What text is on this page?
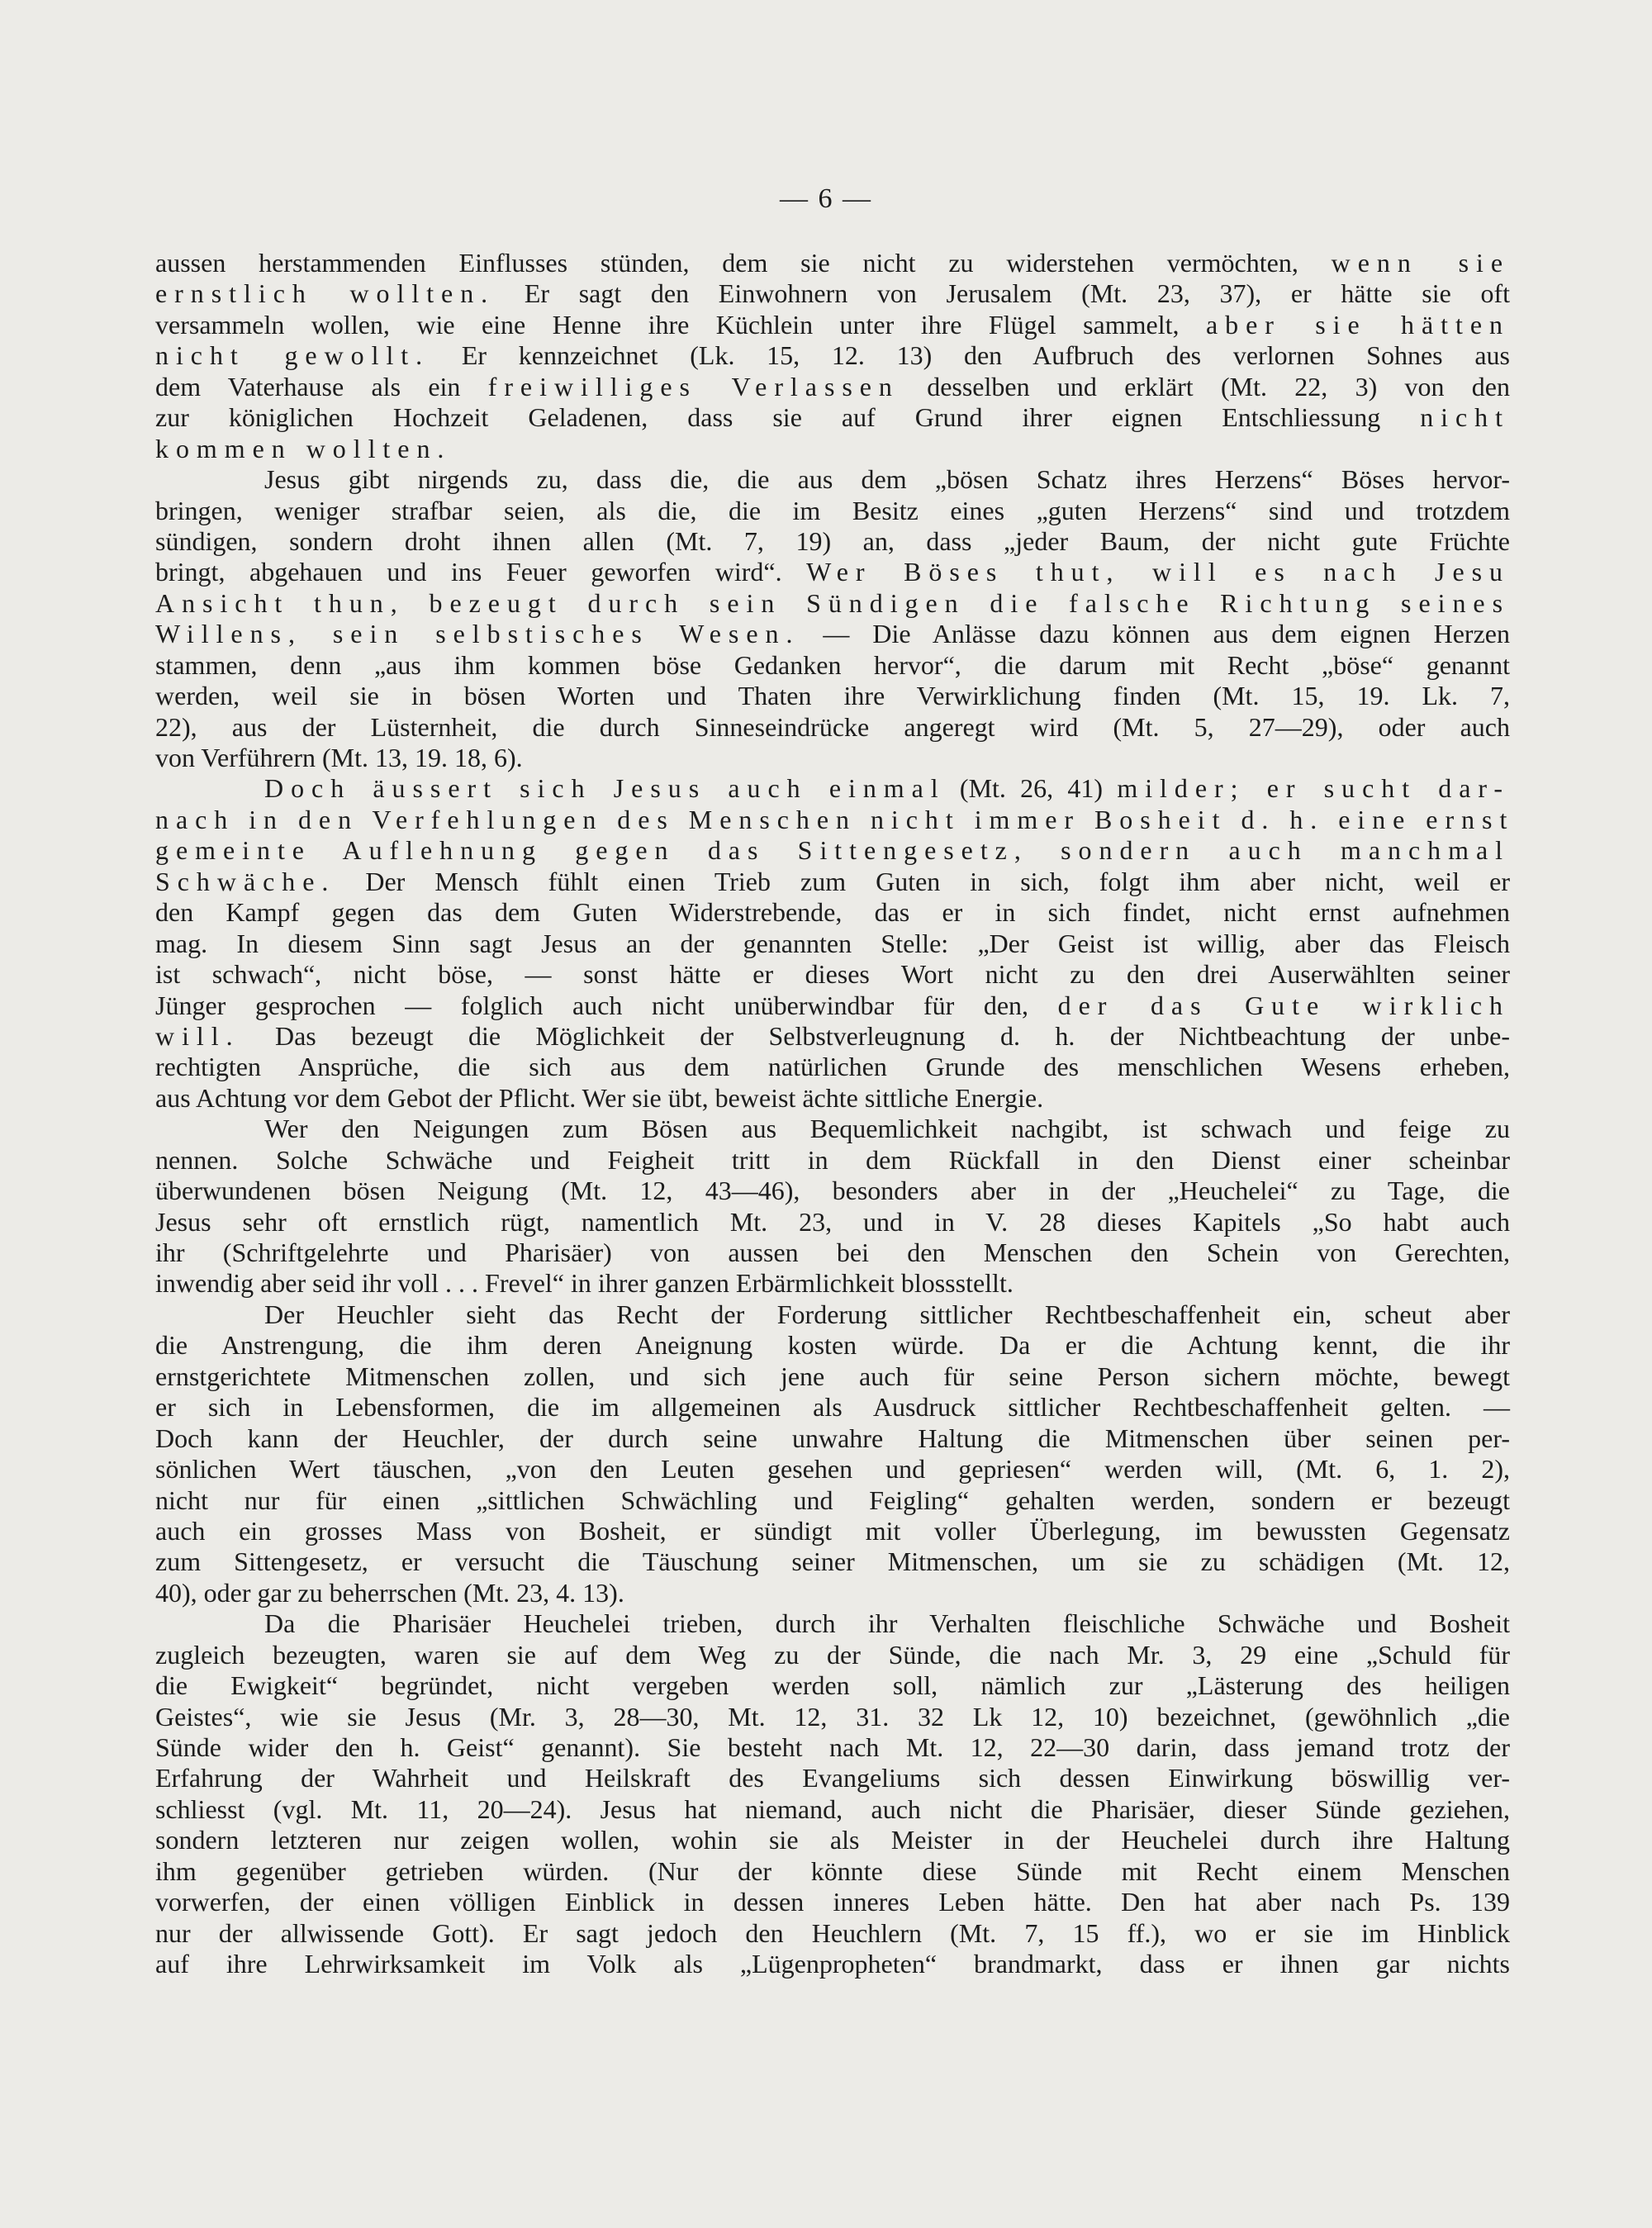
— 6 —
aussen herstammenden Einflusses stünden, dem sie nicht zu widerstehen vermöchten, wenn sie
ernstlich wollten. Er sagt den Einwohnern von Jerusalem (Mt. 23, 37), er hätte sie oft
versammeln wollen, wie eine Henne ihre Küchlein unter ihre Flügel sammelt, aber sie hätten
nicht gewollt. Er kennzeichnet (Lk. 15, 12. 13) den Aufbruch des verlornen Sohnes aus
dem Vaterhause als ein freiwilliges Verlassen desselben und erklärt (Mt. 22, 3) von den
zur königlichen Hochzeit Geladenen, dass sie auf Grund ihrer eignen Entschliessung nicht
kommen wollten.
Jesus gibt nirgends zu, dass die, die aus dem „bösen Schatz ihres Herzens“ Böses hervor-
bringen, weniger strafbar seien, als die, die im Besitz eines „guten Herzens“ sind und trotzdem
sündigen, sondern droht ihnen allen (Mt. 7, 19) an, dass „jeder Baum, der nicht gute Früchte
bringt, abgehauen und ins Feuer geworfen wird“. Wer Böses thut, will es nach Jesu
Ansicht thun, bezeugt durch sein Sündigen die falsche Richtung seines
Willens, sein selbstisches Wesen. — Die Anlässe dazu können aus dem eignen Herzen
stammen, denn „aus ihm kommen böse Gedanken hervor“, die darum mit Recht „böse“ genannt
werden, weil sie in bösen Worten und Thaten ihre Verwirklichung finden (Mt. 15, 19. Lk. 7,
22), aus der Lüsternheit, die durch Sinneseindrücke angeregt wird (Mt. 5, 27—29), oder auch
von Verführern (Mt. 13, 19. 18, 6).
Doch äussert sich Jesus auch einmal (Mt. 26, 41) milder; er sucht dar-
nach in den Verfehlungen des Menschen nicht immer Bosheit d. h. eine ernst
gemeinte Auflehnung gegen das Sittengesetz, sondern auch manchmal
Schwäche. Der Mensch fühlt einen Trieb zum Guten in sich, folgt ihm aber nicht, weil er
den Kampf gegen das dem Guten Widerstrebende, das er in sich findet, nicht ernst aufnehmen
mag. In diesem Sinn sagt Jesus an der genannten Stelle: „Der Geist ist willig, aber das Fleisch
ist schwach“, nicht böse, — sonst hätte er dieses Wort nicht zu den drei Auserwählten seiner
Jünger gesprochen — folglich auch nicht unüberwindbar für den, der das Gute wirklich
will. Das bezeugt die Möglichkeit der Selbstverleugnung d. h. der Nichtbeachtung der unbe-
rechtigten Ansprüche, die sich aus dem natürlichen Grunde des menschlichen Wesens erheben,
aus Achtung vor dem Gebot der Pflicht. Wer sie übt, beweist ächte sittliche Energie.
Wer den Neigungen zum Bösen aus Bequemlichkeit nachgibt, ist schwach und feige zu
nennen. Solche Schwäche und Feigheit tritt in dem Rückfall in den Dienst einer scheinbar
überwundenen bösen Neigung (Mt. 12, 43—46), besonders aber in der „Heuchelei“ zu Tage, die
Jesus sehr oft ernstlich rügt, namentlich Mt. 23, und in V. 28 dieses Kapitels „So habt auch
ihr (Schriftgelehrte und Pharisäer) von aussen bei den Menschen den Schein von Gerechten,
inwendig aber seid ihr voll . . . Frevel“ in ihrer ganzen Erbärmlichkeit blossstellt.
Der Heuchler sieht das Recht der Forderung sittlicher Rechtbeschaffenheit ein, scheut aber
die Anstrengung, die ihm deren Aneignung kosten würde. Da er die Achtung kennt, die ihr
ernstgerichtete Mitmenschen zollen, und sich jene auch für seine Person sichern möchte, bewegt
er sich in Lebensformen, die im allgemeinen als Ausdruck sittlicher Rechtbeschaffenheit gelten. —
Doch kann der Heuchler, der durch seine unwahre Haltung die Mitmenschen über seinen per-
sönlichen Wert täuschen, „von den Leuten gesehen und gepriesen“ werden will, (Mt. 6, 1. 2),
nicht nur für einen „sittlichen Schwächling und Feigling“ gehalten werden, sondern er bezeugt
auch ein grosses Mass von Bosheit, er sündigt mit voller Überlegung, im bewussten Gegensatz
zum Sittengesetz, er versucht die Täuschung seiner Mitmenschen, um sie zu schädigen (Mt. 12,
40), oder gar zu beherrschen (Mt. 23, 4. 13).
Da die Pharisäer Heuchelei trieben, durch ihr Verhalten fleischliche Schwäche und Bosheit
zugleich bezeugten, waren sie auf dem Weg zu der Sünde, die nach Mr. 3, 29 eine „Schuld für
die Ewigkeit“ begründet, nicht vergeben werden soll, nämlich zur „Lästerung des heiligen
Geistes“, wie sie Jesus (Mr. 3, 28—30, Mt. 12, 31. 32 Lk 12, 10) bezeichnet, (gewöhnlich „die
Sünde wider den h. Geist“ genannt). Sie besteht nach Mt. 12, 22—30 darin, dass jemand trotz der
Erfahrung der Wahrheit und Heilskraft des Evangeliums sich dessen Einwirkung böswillig ver-
schliesst (vgl. Mt. 11, 20—24). Jesus hat niemand, auch nicht die Pharisäer, dieser Sünde geziehen,
sondern letzteren nur zeigen wollen, wohin sie als Meister in der Heuchelei durch ihre Haltung
ihm gegenüber getrieben würden. (Nur der könnte diese Sünde mit Recht einem Menschen
vorwerfen, der einen völligen Einblick in dessen inneres Leben hätte. Den hat aber nach Ps. 139
nur der allwissende Gott). Er sagt jedoch den Heuchlern (Mt. 7, 15 ff.), wo er sie im Hinblick
auf ihre Lehrwirksamkeit im Volk als „Lügenpropheten“ brandmarkt, dass er ihnen gar nichts
